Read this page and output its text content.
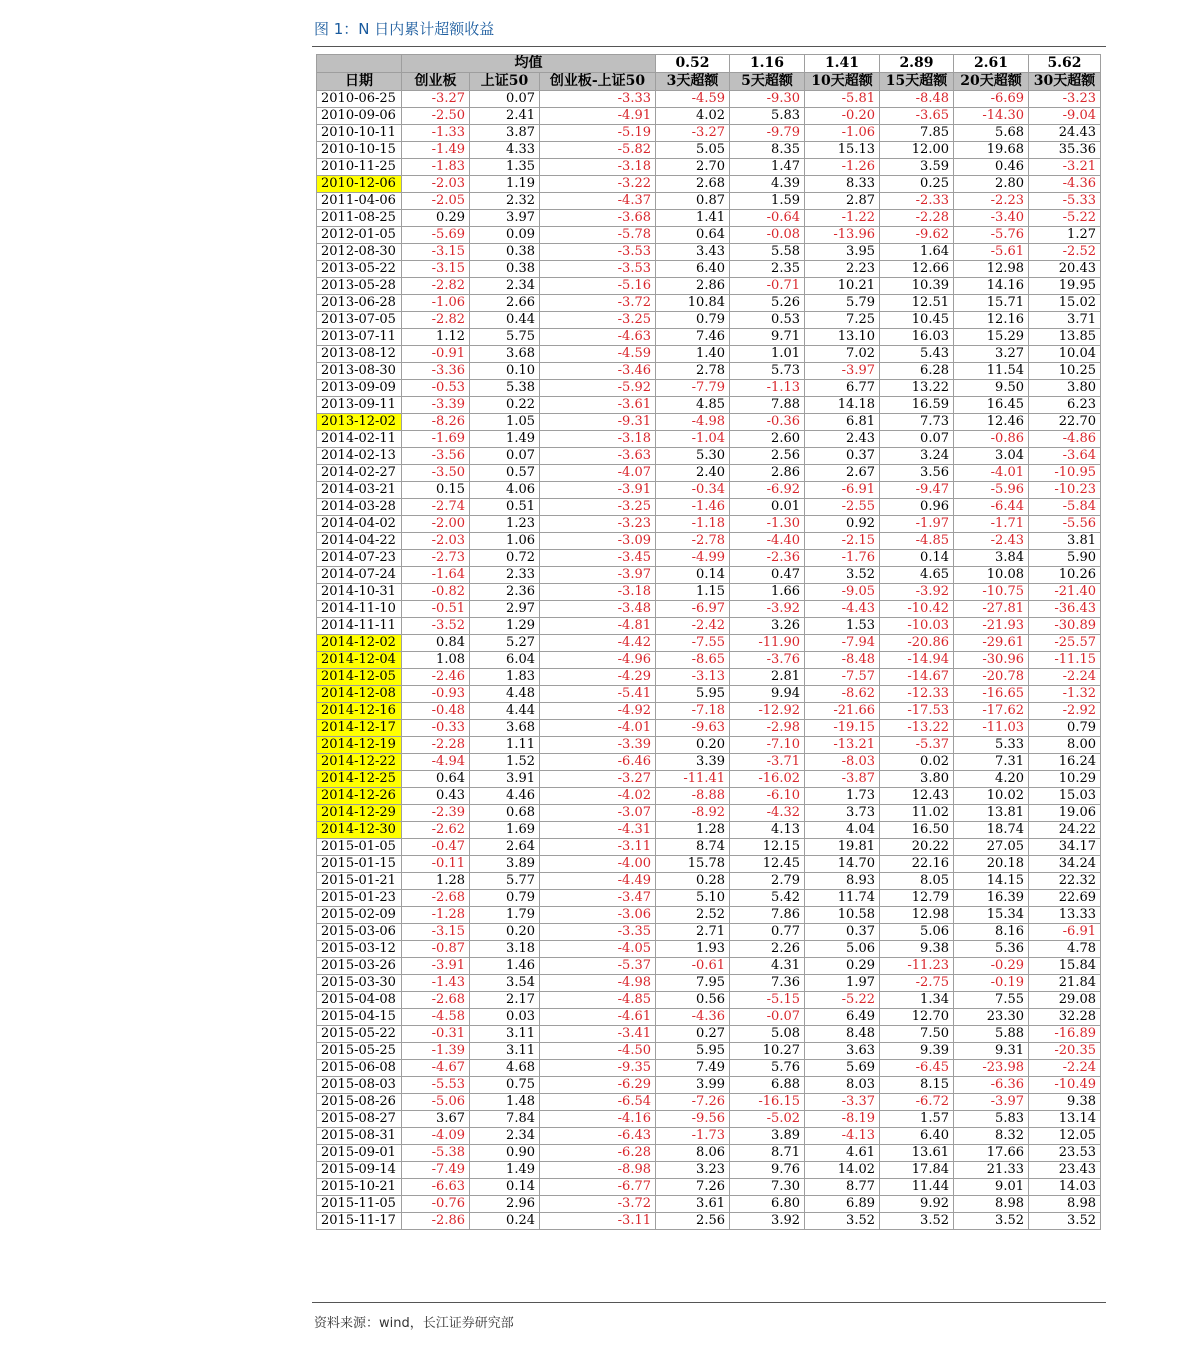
图 1：N 日内累计超额收益
	均值			0.52	1.16	1.41	2.89	2.61	5.62
日期	创业板	上证50	创业板-上证50	3天超额	5天超额	10天超额	15天超额	20天超额	30天超额
2010-06-25	-3.27	0.07	-3.33	-4.59	-9.30	-5.81	-8.48	-6.69	-3.23
2010-09-06	-2.50	2.41	-4.91	4.02	5.83	-0.20	-3.65	-14.30	-9.04
2010-10-11	-1.33	3.87	-5.19	-3.27	-9.79	-1.06	7.85	5.68	24.43
2010-10-15	-1.49	4.33	-5.82	5.05	8.35	15.13	12.00	19.68	35.36
2010-11-25	-1.83	1.35	-3.18	2.70	1.47	-1.26	3.59	0.46	-3.21
2010-12-06	-2.03	1.19	-3.22	2.68	4.39	8.33	0.25	2.80	-4.36
2011-04-06	-2.05	2.32	-4.37	0.87	1.59	2.87	-2.33	-2.23	-5.33
2011-08-25	0.29	3.97	-3.68	1.41	-0.64	-1.22	-2.28	-3.40	-5.22
2012-01-05	-5.69	0.09	-5.78	0.64	-0.08	-13.96	-9.62	-5.76	1.27
2012-08-30	-3.15	0.38	-3.53	3.43	5.58	3.95	1.64	-5.61	-2.52
2013-05-22	-3.15	0.38	-3.53	6.40	2.35	2.23	12.66	12.98	20.43
2013-05-28	-2.82	2.34	-5.16	2.86	-0.71	10.21	10.39	14.16	19.95
2013-06-28	-1.06	2.66	-3.72	10.84	5.26	5.79	12.51	15.71	15.02
2013-07-05	-2.82	0.44	-3.25	0.79	0.53	7.25	10.45	12.16	3.71
2013-07-11	1.12	5.75	-4.63	7.46	9.71	13.10	16.03	15.29	13.85
2013-08-12	-0.91	3.68	-4.59	1.40	1.01	7.02	5.43	3.27	10.04
2013-08-30	-3.36	0.10	-3.46	2.78	5.73	-3.97	6.28	11.54	10.25
2013-09-09	-0.53	5.38	-5.92	-7.79	-1.13	6.77	13.22	9.50	3.80
2013-09-11	-3.39	0.22	-3.61	4.85	7.88	14.18	16.59	16.45	6.23
2013-12-02	-8.26	1.05	-9.31	-4.98	-0.36	6.81	7.73	12.46	22.70
2014-02-11	-1.69	1.49	-3.18	-1.04	2.60	2.43	0.07	-0.86	-4.86
2014-02-13	-3.56	0.07	-3.63	5.30	2.56	0.37	3.24	3.04	-3.64
2014-02-27	-3.50	0.57	-4.07	2.40	2.86	2.67	3.56	-4.01	-10.95
2014-03-21	0.15	4.06	-3.91	-0.34	-6.92	-6.91	-9.47	-5.96	-10.23
2014-03-28	-2.74	0.51	-3.25	-1.46	0.01	-2.55	0.96	-6.44	-5.84
2014-04-02	-2.00	1.23	-3.23	-1.18	-1.30	0.92	-1.97	-1.71	-5.56
2014-04-22	-2.03	1.06	-3.09	-2.78	-4.40	-2.15	-4.85	-2.43	3.81
2014-07-23	-2.73	0.72	-3.45	-4.99	-2.36	-1.76	0.14	3.84	5.90
2014-07-24	-1.64	2.33	-3.97	0.14	0.47	3.52	4.65	10.08	10.26
2014-10-31	-0.82	2.36	-3.18	1.15	1.66	-9.05	-3.92	-10.75	-21.40
2014-11-10	-0.51	2.97	-3.48	-6.97	-3.92	-4.43	-10.42	-27.81	-36.43
2014-11-11	-3.52	1.29	-4.81	-2.42	3.26	1.53	-10.03	-21.93	-30.89
2014-12-02	0.84	5.27	-4.42	-7.55	-11.90	-7.94	-20.86	-29.61	-25.57
2014-12-04	1.08	6.04	-4.96	-8.65	-3.76	-8.48	-14.94	-30.96	-11.15
2014-12-05	-2.46	1.83	-4.29	-3.13	2.81	-7.57	-14.67	-20.78	-2.24
2014-12-08	-0.93	4.48	-5.41	5.95	9.94	-8.62	-12.33	-16.65	-1.32
2014-12-16	-0.48	4.44	-4.92	-7.18	-12.92	-21.66	-17.53	-17.62	-2.92
2014-12-17	-0.33	3.68	-4.01	-9.63	-2.98	-19.15	-13.22	-11.03	0.79
2014-12-19	-2.28	1.11	-3.39	0.20	-7.10	-13.21	-5.37	5.33	8.00
2014-12-22	-4.94	1.52	-6.46	3.39	-3.71	-8.03	0.02	7.31	16.24
2014-12-25	0.64	3.91	-3.27	-11.41	-16.02	-3.87	3.80	4.20	10.29
2014-12-26	0.43	4.46	-4.02	-8.88	-6.10	1.73	12.43	10.02	15.03
2014-12-29	-2.39	0.68	-3.07	-8.92	-4.32	3.73	11.02	13.81	19.06
2014-12-30	-2.62	1.69	-4.31	1.28	4.13	4.04	16.50	18.74	24.22
2015-01-05	-0.47	2.64	-3.11	8.74	12.15	19.81	20.22	27.05	34.17
2015-01-15	-0.11	3.89	-4.00	15.78	12.45	14.70	22.16	20.18	34.24
2015-01-21	1.28	5.77	-4.49	0.28	2.79	8.93	8.05	14.15	22.32
2015-01-23	-2.68	0.79	-3.47	5.10	5.42	11.74	12.79	16.39	22.69
2015-02-09	-1.28	1.79	-3.06	2.52	7.86	10.58	12.98	15.34	13.33
2015-03-06	-3.15	0.20	-3.35	2.71	0.77	0.37	5.06	8.16	-6.91
2015-03-12	-0.87	3.18	-4.05	1.93	2.26	5.06	9.38	5.36	4.78
2015-03-26	-3.91	1.46	-5.37	-0.61	4.31	0.29	-11.23	-0.29	15.84
2015-03-30	-1.43	3.54	-4.98	7.95	7.36	1.97	-2.75	-0.19	21.84
2015-04-08	-2.68	2.17	-4.85	0.56	-5.15	-5.22	1.34	7.55	29.08
2015-04-15	-4.58	0.03	-4.61	-4.36	-0.07	6.49	12.70	23.30	32.28
2015-05-22	-0.31	3.11	-3.41	0.27	5.08	8.48	7.50	5.88	-16.89
2015-05-25	-1.39	3.11	-4.50	5.95	10.27	3.63	9.39	9.31	-20.35
2015-06-08	-4.67	4.68	-9.35	7.49	5.76	5.69	-6.45	-23.98	-2.24
2015-08-03	-5.53	0.75	-6.29	3.99	6.88	8.03	8.15	-6.36	-10.49
2015-08-26	-5.06	1.48	-6.54	-7.26	-16.15	-3.37	-6.72	-3.97	9.38
2015-08-27	3.67	7.84	-4.16	-9.56	-5.02	-8.19	1.57	5.83	13.14
2015-08-31	-4.09	2.34	-6.43	-1.73	3.89	-4.13	6.40	8.32	12.05
2015-09-01	-5.38	0.90	-6.28	8.06	8.71	4.61	13.61	17.66	23.53
2015-09-14	-7.49	1.49	-8.98	3.23	9.76	14.02	17.84	21.33	23.43
2015-10-21	-6.63	0.14	-6.77	7.26	7.30	8.77	11.44	9.01	14.03
2015-11-05	-0.76	2.96	-3.72	3.61	6.80	6.89	9.92	8.98	8.98
2015-11-17	-2.86	0.24	-3.11	2.56	3.92	3.52	3.52	3.52	3.52
资料来源：wind，长江证券研究部
